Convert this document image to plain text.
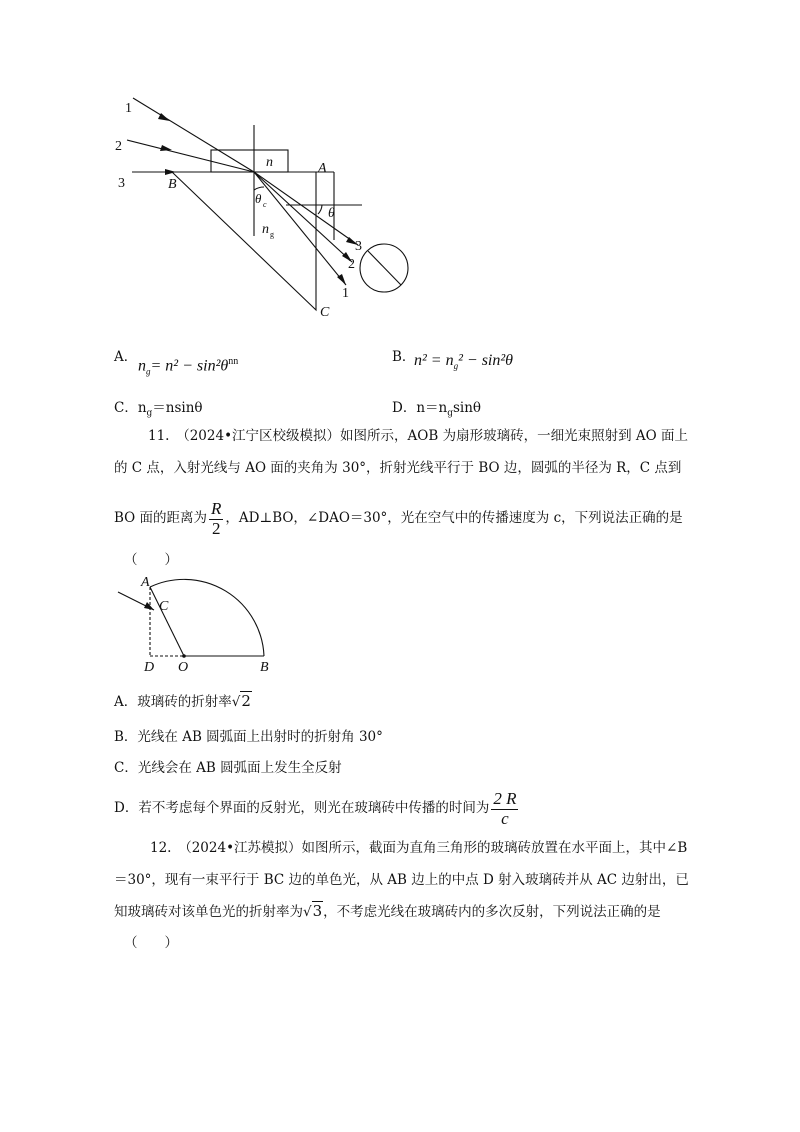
1
2
3
3
2
1
A
B
C
n
θ
θ c
n g
A．
$n_g= n^2 - \sin^2\theta^{nn}$	B．
$n^2 = n_g^2 - \sin^2\theta$
C．$n_g=nsin\theta$	D．$n=n_g\sin\theta$
11.　（2024•江宁区校级模拟）如图所示，AOB 为扇形玻璃砖，一细光束照射到 AO 面上
的 C 点，入射光线与 AO 面的夹角为 30°，折射光线平行于 BO 边，圆弧的半径为 R，C 点到
BO 面的距离为 $\frac{R}{2}$ ，AD⊥BO，∠DAO＝30°，光在空气中的传播速度为 c，下列说法正确的是
（　　）
A
C
D O	B
A．玻璃砖的折射率 √2
B．光线在 AB 圆弧面上出射时的折射角 30°
C．光线会在 AB 圆弧面上发生全反射
D．若不考虑每个界面的反射光，则光在玻璃砖中传播的时间为 $\frac{2 R}{c}$
12.　（2024•江苏模拟）如图所示，截面为直角三角形的玻璃砖放置在水平面上，其中∠B
＝30°，现有一束平行于 BC 边的单色光，从 AB 边上的中点 D 射入玻璃砖并从 AC 边射出，已
知玻璃砖对该单色光的折射率为 √3 ，不考虑光线在玻璃砖内的多次反射，下列说法正确的是
（　　）
